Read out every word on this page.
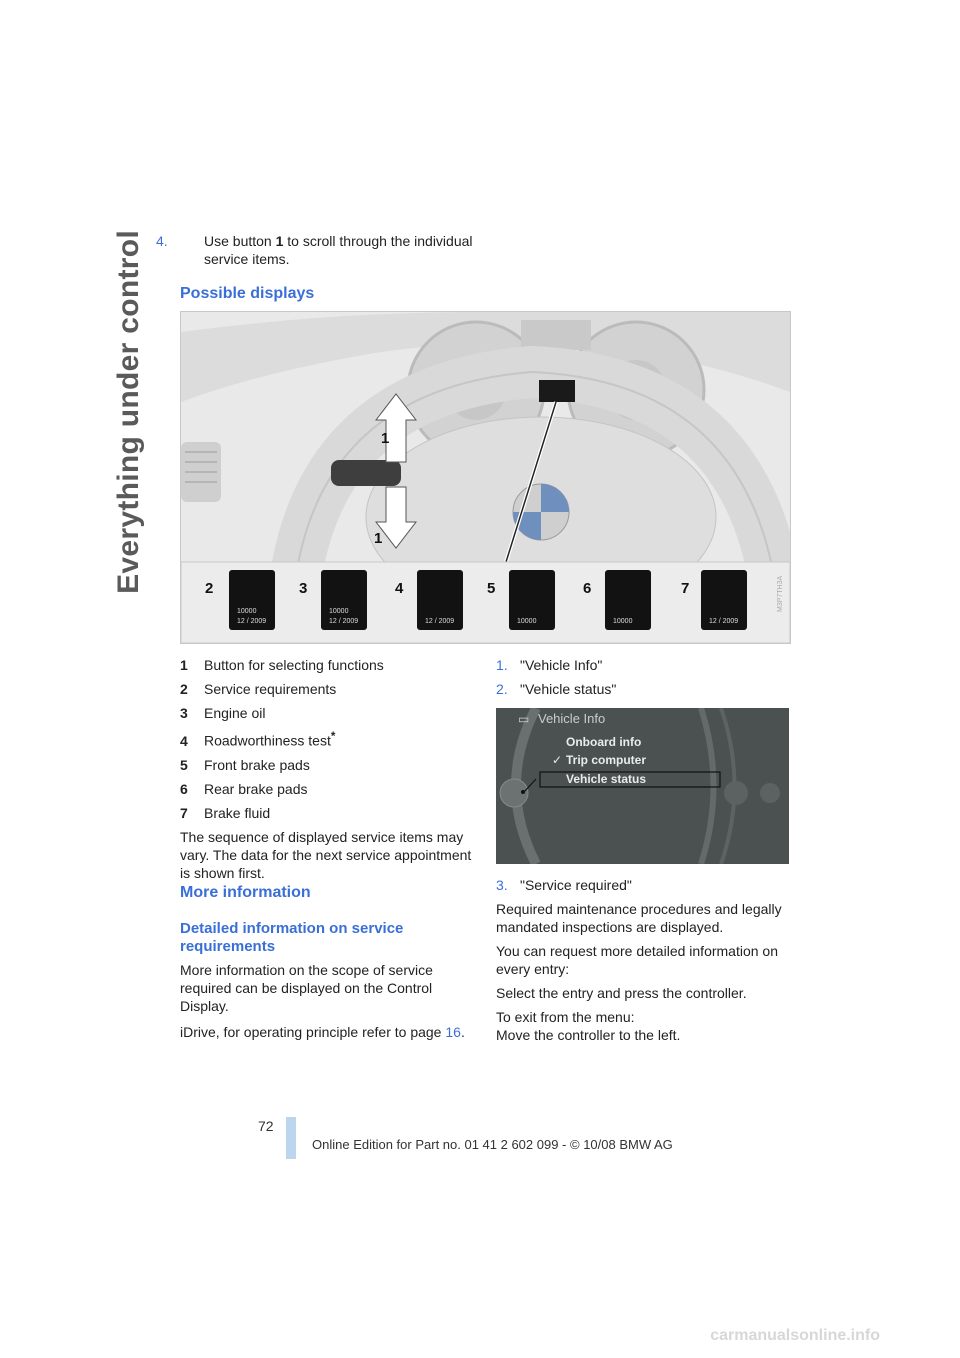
Everything under control 4.	Use button 1 to scroll through the individual service items.

Possible displays

1
1
2	3	4	5	6	7
10000
12 / 2009
10000
12 / 2009	12 / 2009	10000	10000	12 / 2009
M3P7TH3A

1 Button for selecting functions

2 Service requirements

3 Engine oil

4 Roadworthiness test*

5 Front brake pads

6 Rear brake pads

7 Brake fluid

The sequence of displayed service items may vary. The data for the next service appointment is shown first.

More information

Detailed information on service requirements

More information on the scope of service required can be displayed on the Control Display.

iDrive, for operating principle refer to page 16.

1. "Vehicle Info"

2. "Vehicle status"

▭ Vehicle Info
Onboard info
✓ Trip computer
Vehicle status

3. "Service required"

Required maintenance procedures and legally mandated inspections are displayed.

You can request more detailed information on every entry:

Select the entry and press the controller.

To exit from the menu:

Move the controller to the left.

72
Online Edition for Part no. 01 41 2 602 099 - © 10/08 BMW AG
carmanualsonline.info
